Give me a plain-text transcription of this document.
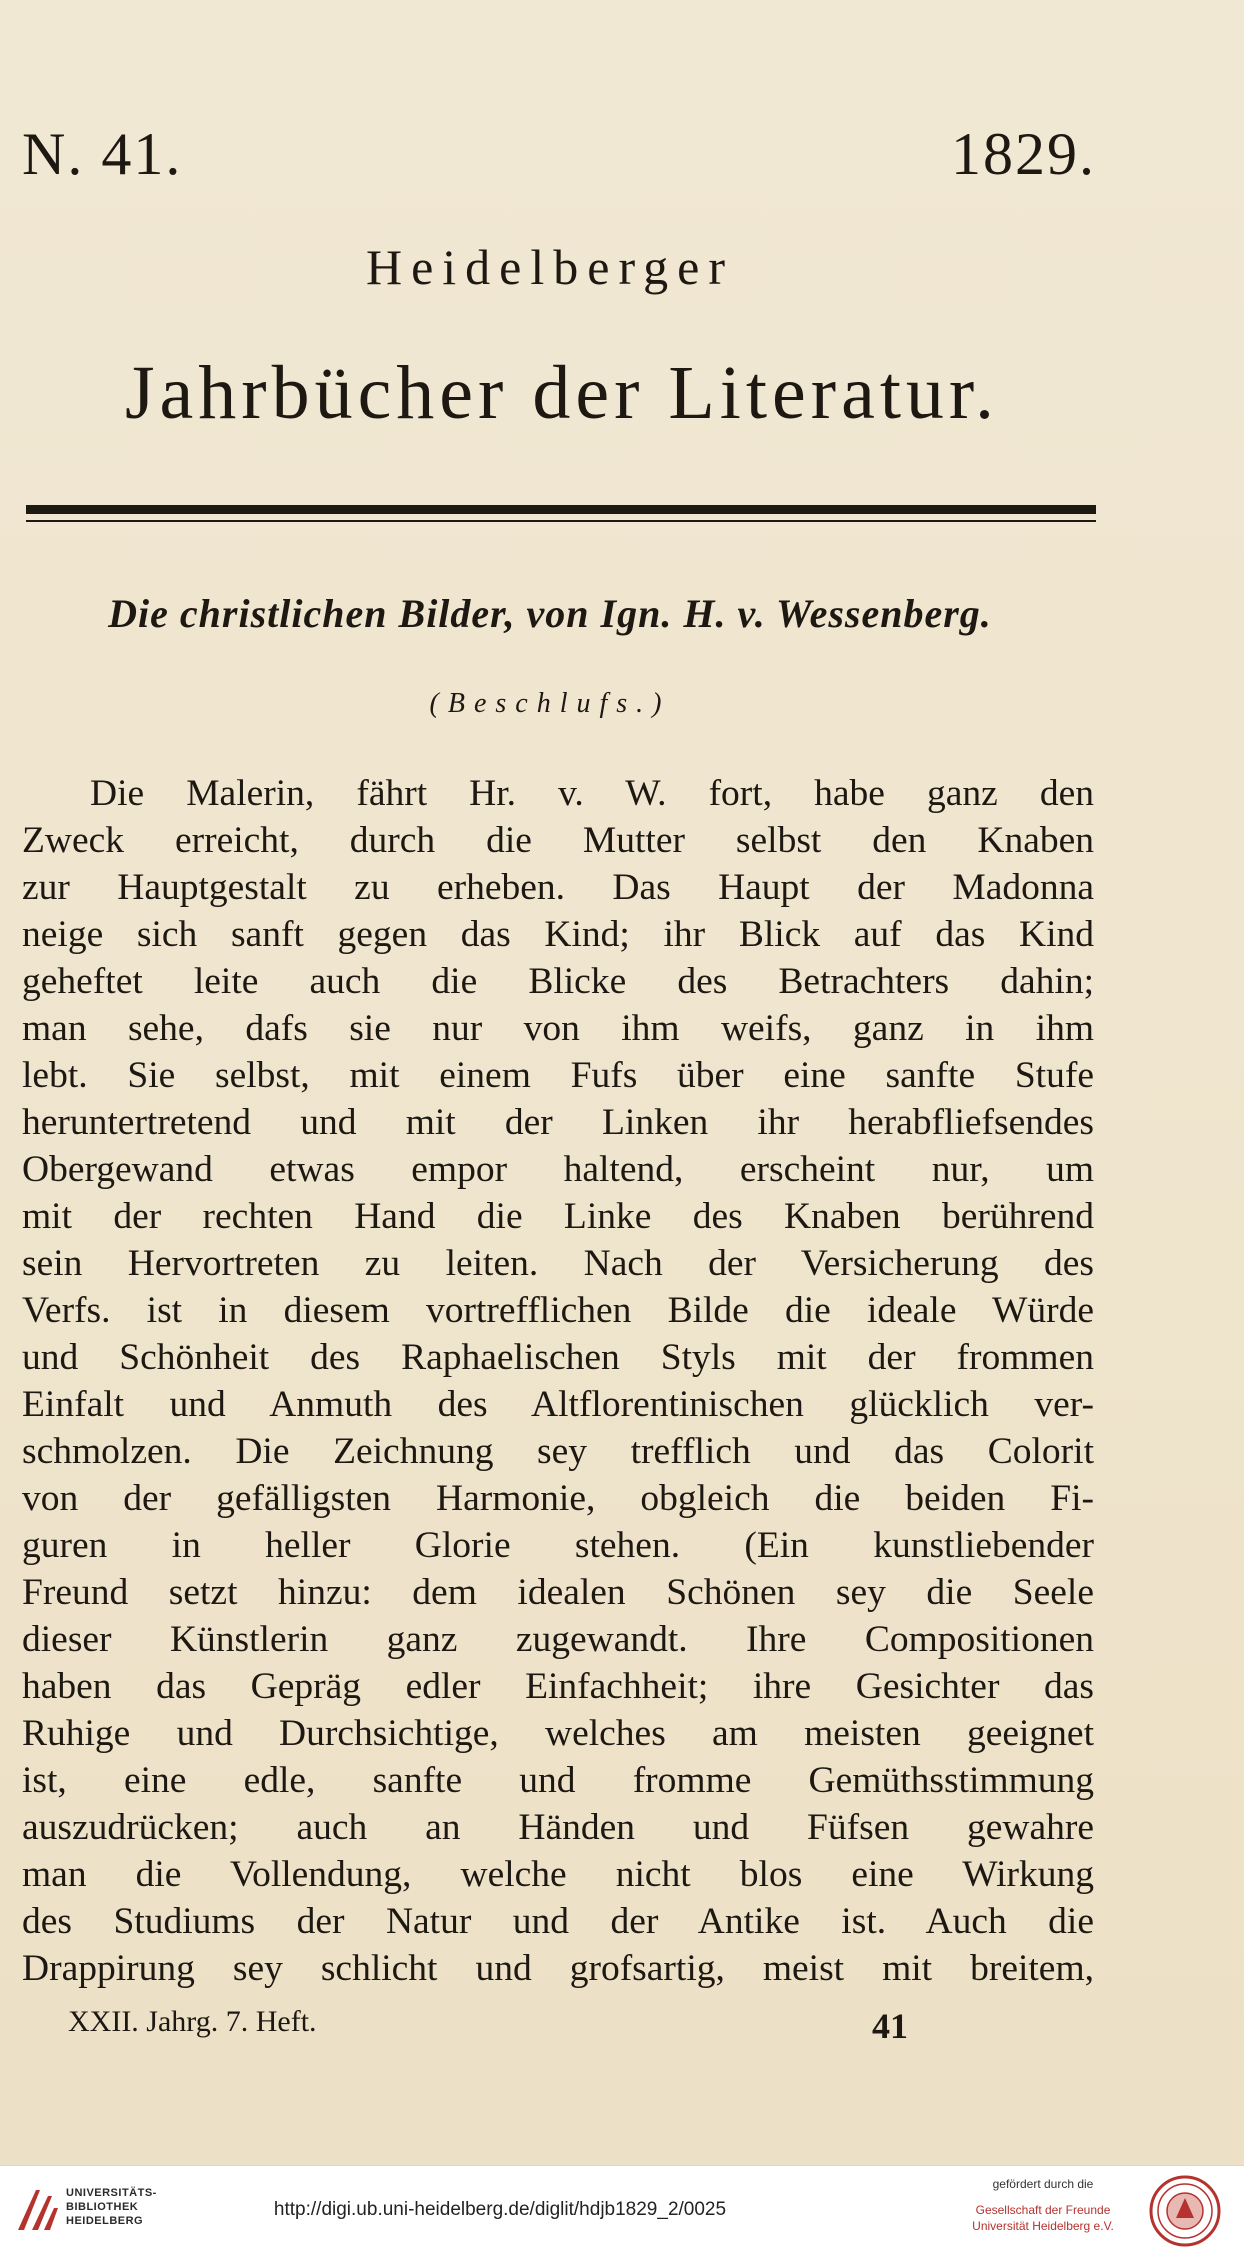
N. 41.	1829.
Heidelberger
Jahrbücher der Literatur.
Die christlichen Bilder, von Ign. H. v. Wessenberg.
(Beschlufs.)
Die Malerin, fährt Hr. v. W. fort, habe ganz den
Zweck erreicht, durch die Mutter selbst den Knaben
zur Hauptgestalt zu erheben. Das Haupt der Madonna
neige sich sanft gegen das Kind; ihr Blick auf das Kind
geheftet leite auch die Blicke des Betrachters dahin;
man sehe, dafs sie nur von ihm weifs, ganz in ihm
lebt. Sie selbst, mit einem Fufs über eine sanfte Stufe
heruntertretend und mit der Linken ihr herabfliefsendes
Obergewand etwas empor haltend, erscheint nur, um
mit der rechten Hand die Linke des Knaben berührend
sein Hervortreten zu leiten. Nach der Versicherung des
Verfs. ist in diesem vortrefflichen Bilde die ideale Würde
und Schönheit des Raphaelischen Styls mit der frommen
Einfalt und Anmuth des Altflorentinischen glücklich ver-
schmolzen. Die Zeichnung sey trefflich und das Colorit
von der gefälligsten Harmonie, obgleich die beiden Fi-
guren in heller Glorie stehen. (Ein kunstliebender
Freund setzt hinzu: dem idealen Schönen sey die Seele
dieser Künstlerin ganz zugewandt. Ihre Compositionen
haben das Gepräg edler Einfachheit; ihre Gesichter das
Ruhige und Durchsichtige, welches am meisten geeignet
ist, eine edle, sanfte und fromme Gemüthsstimmung
auszudrücken; auch an Händen und Füfsen gewahre
man die Vollendung, welche nicht blos eine Wirkung
des Studiums der Natur und der Antike ist. Auch die
Drappirung sey schlicht und grofsartig, meist mit breitem,
XXII. Jahrg. 7. Heft.	41
UNIVERSITÄTS-
BIBLIOTHEK
HEIDELBERG
http://digi.ub.uni-heidelberg.de/diglit/hdjb1829_2/0025
gefördert durch die
Gesellschaft der Freunde
Universität Heidelberg e.V.
